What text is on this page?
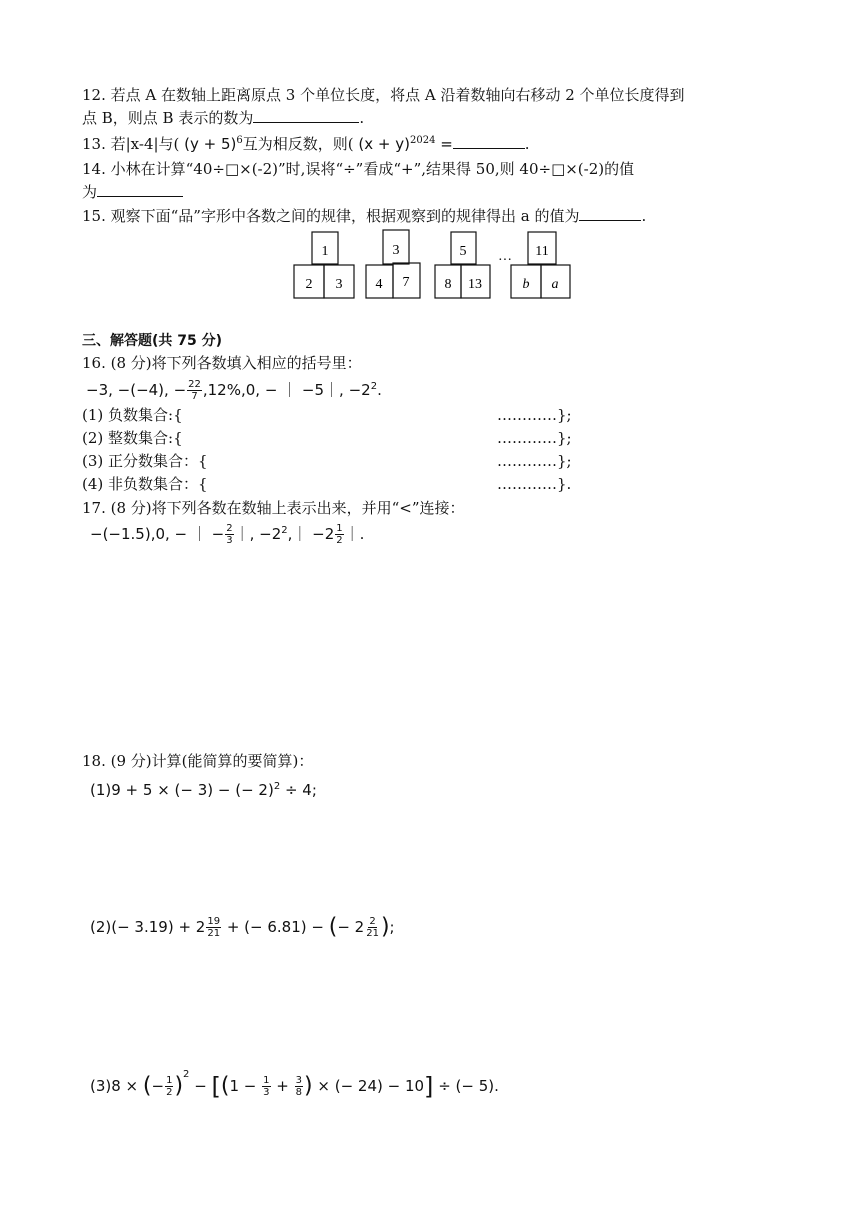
12. 若点 A 在数轴上距离原点 3 个单位长度，将点 A 沿着数轴向右移动 2 个单位长度得到
点 B，则点 B 表示的数为	.
13. 若|x-4|与( $(y + 5)^6$互为相反数，则( $(x + y)^{2024}$ =	.
14. 小林在计算“40÷□×(-2)”时,误将“÷”看成“+”,结果得 50,则 40÷□×(-2)的值
为
15. 观察下面“品”字形中各数之间的规律，根据观察到的规律得出 a 的值为	.
1
2 3
3
4 7
5
8 13
···
11
b a
三、解答题(共 75 分)
16. (8 分)将下列各数填入相应的括号里：
−3, −(−4), − $\frac{22}{7} ,12\%,0$, − ｜ −5｜, $-2^2$.
(1) 负数集合:{	…………};
(2) 整数集合:{	…………};
(3) 正分数集合：{	…………};
(4) 非负数集合：{	…………}.
17. (8 分)将下列各数在数轴上表示出来，并用“<”连接：
−(−1.5),0, − ｜ − $\frac{2}{3}$ ｜, $-2^2,| -2 \frac{1}{2}$ ｜.
18. (9 分)计算(能简算的要简算)：
(1)9 + 5 × (− 3) − (− 2)$^2$ ÷ 4;
$(2)(- 3.19) + 2 \frac{19}{21}$ + (− 6.81) − (− $2 \frac{2}{21}$ );
(3)8 × (− $\frac{1}{2} )^2 - [(1 - \frac{1}{3} + \frac{3}{8}$ ) × (− 24) − 10] ÷ (− 5).
